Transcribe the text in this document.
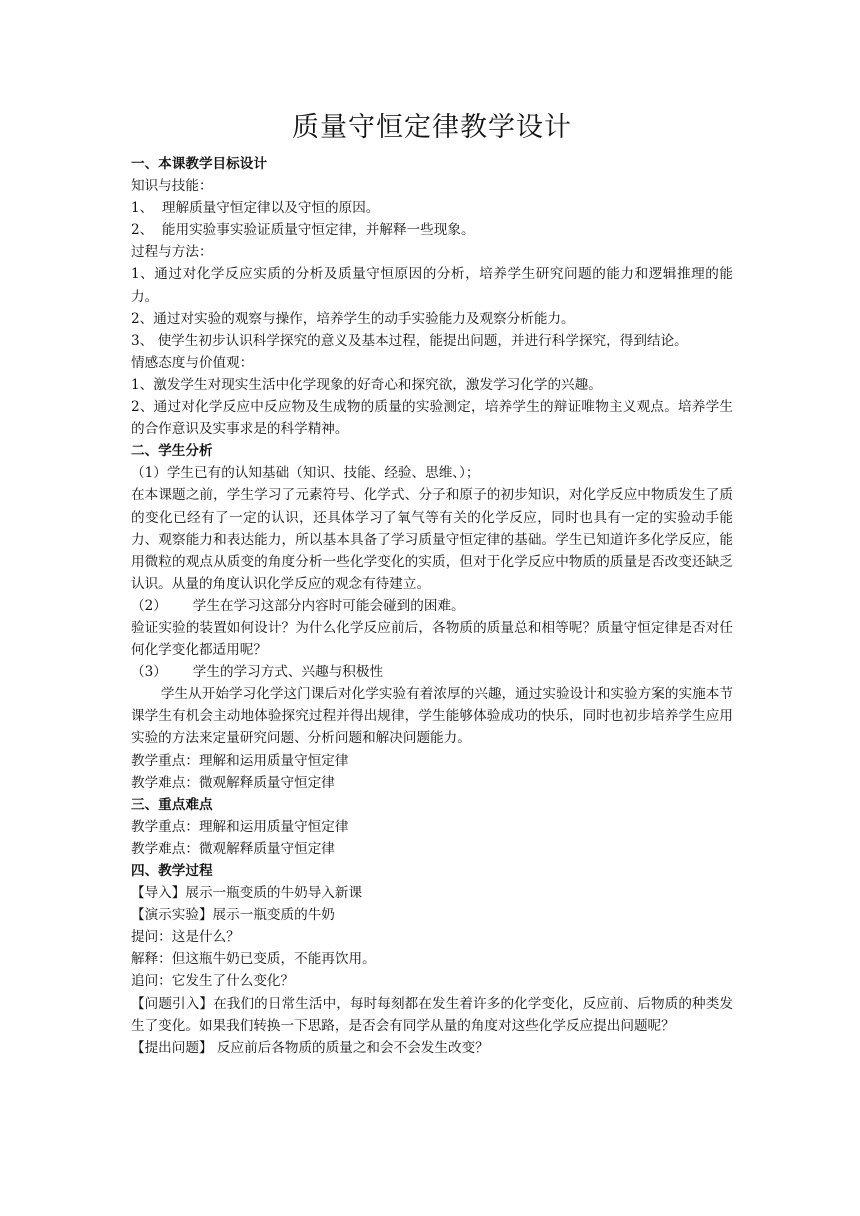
质量守恒定律教学设计

一、本课教学目标设计

知识与技能：

1、  理解质量守恒定律以及守恒的原因。

2、  能用实验事实验证质量守恒定律，并解释一些现象。

过程与方法：

1、通过对化学反应实质的分析及质量守恒原因的分析，培养学生研究问题的能力和逻辑推理的能力。

2、通过对实验的观察与操作，培养学生的动手实验能力及观察分析能力。

3、 使学生初步认识科学探究的意义及基本过程，能提出问题，并进行科学探究，得到结论。

情感态度与价值观：

1、激发学生对现实生活中化学现象的好奇心和探究欲，激发学习化学的兴趣。

2、通过对化学反应中反应物及生成物的质量的实验测定，培养学生的辩证唯物主义观点。培养学生的合作意识及实事求是的科学精神。

二、学生分析

（1）学生已有的认知基础（知识、技能、经验、思维、）；

在本课题之前，学生学习了元素符号、化学式、分子和原子的初步知识，对化学反应中物质发生了质的变化已经有了一定的认识，还具体学习了氧气等有关的化学反应，同时也具有一定的实验动手能力、观察能力和表达能力，所以基本具备了学习质量守恒定律的基础。学生已知道许多化学反应，能用微粒的观点从质变的角度分析一些化学变化的实质，但对于化学反应中物质的质量是否改变还缺乏认识。从量的角度认识化学反应的观念有待建立。

（2）      学生在学习这部分内容时可能会碰到的困难。

验证实验的装置如何设计？为什么化学反应前后，各物质的质量总和相等呢？质量守恒定律是否对任何化学变化都适用呢？

（3）      学生的学习方式、兴趣与积极性

学生从开始学习化学这门课后对化学实验有着浓厚的兴趣，通过实验设计和实验方案的实施本节课学生有机会主动地体验探究过程并得出规律，学生能够体验成功的快乐，同时也初步培养学生应用实验的方法来定量研究问题、分析问题和解决问题能力。

教学重点：理解和运用质量守恒定律

教学难点：微观解释质量守恒定律

三、重点难点

教学重点：理解和运用质量守恒定律

教学难点：微观解释质量守恒定律

四、教学过程

【导入】展示一瓶变质的牛奶导入新课

【演示实验】展示一瓶变质的牛奶

提问：这是什么？

解释：但这瓶牛奶已变质，不能再饮用。

追问：它发生了什么变化？

【问题引入】在我们的日常生活中，每时每刻都在发生着许多的化学变化，反应前、后物质的种类发生了变化。如果我们转换一下思路，是否会有同学从量的角度对这些化学反应提出问题呢？

【提出问题】 反应前后各物质的质量之和会不会发生改变？
